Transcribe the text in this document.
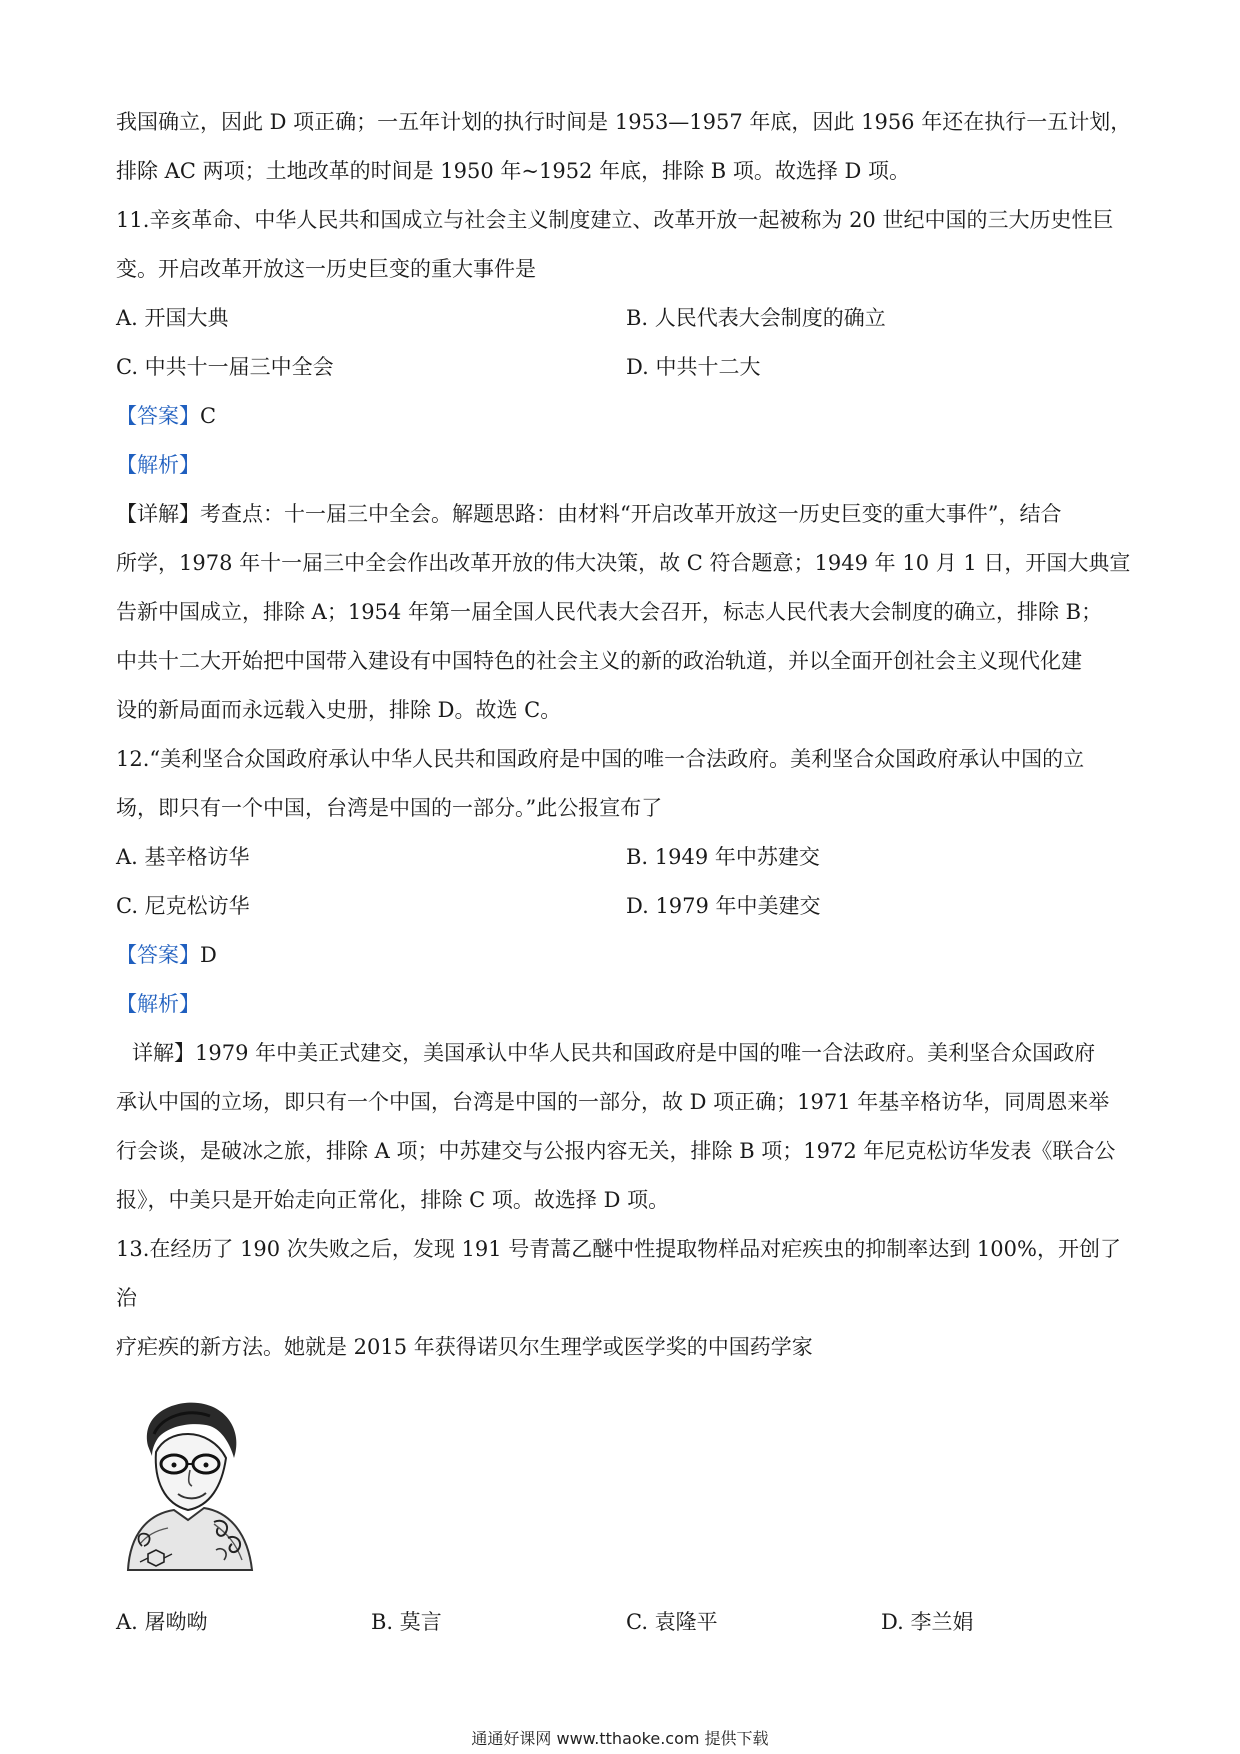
我国确立，因此 D 项正确；一五年计划的执行时间是 1953—1957 年底，因此 1956 年还在执行一五计划，
排除 AC 两项；土地改革的时间是 1950 年~1952 年底，排除 B 项。故选择 D 项。
11.辛亥革命、中华人民共和国成立与社会主义制度建立、改革开放一起被称为 20 世纪中国的三大历史性巨
变。开启改革开放这一历史巨变的重大事件是
A. 开国大典	B. 人民代表大会制度的确立
C. 中共十一届三中全会	D. 中共十二大
【答案】C
【解析】
【详解】考查点：十一届三中全会。解题思路：由材料“开启改革开放这一历史巨变的重大事件”，结合
所学，1978 年十一届三中全会作出改革开放的伟大决策，故 C 符合题意；1949 年 10 月 1 日，开国大典宣
告新中国成立，排除 A；1954 年第一届全国人民代表大会召开，标志人民代表大会制度的确立，排除 B；
中共十二大开始把中国带入建设有中国特色的社会主义的新的政治轨道，并以全面开创社会主义现代化建
设的新局面而永远载入史册，排除 D。故选 C。
12.“美利坚合众国政府承认中华人民共和国政府是中国的唯一合法政府。美利坚合众国政府承认中国的立
场，即只有一个中国，台湾是中国的一部分。”此公报宣布了
A. 基辛格访华	B. 1949 年中苏建交
C. 尼克松访华	D. 1979 年中美建交
【答案】D
【解析】
详解】1979 年中美正式建交，美国承认中华人民共和国政府是中国的唯一合法政府。美利坚合众国政府
承认中国的立场，即只有一个中国，台湾是中国的一部分，故 D 项正确；1971 年基辛格访华，同周恩来举
行会谈，是破冰之旅，排除 A 项；中苏建交与公报内容无关，排除 B 项；1972 年尼克松访华发表《联合公
报》，中美只是开始走向正常化，排除 C 项。故选择 D 项。
13.在经历了 190 次失败之后，发现 191 号青蒿乙醚中性提取物样品对疟疾虫的抑制率达到 100%，开创了治
疗疟疾的新方法。她就是 2015 年获得诺贝尔生理学或医学奖的中国药学家
A. 屠呦呦	B. 莫言	C. 袁隆平	D. 李兰娟
通通好课网 www.tthaoke.com 提供下载
